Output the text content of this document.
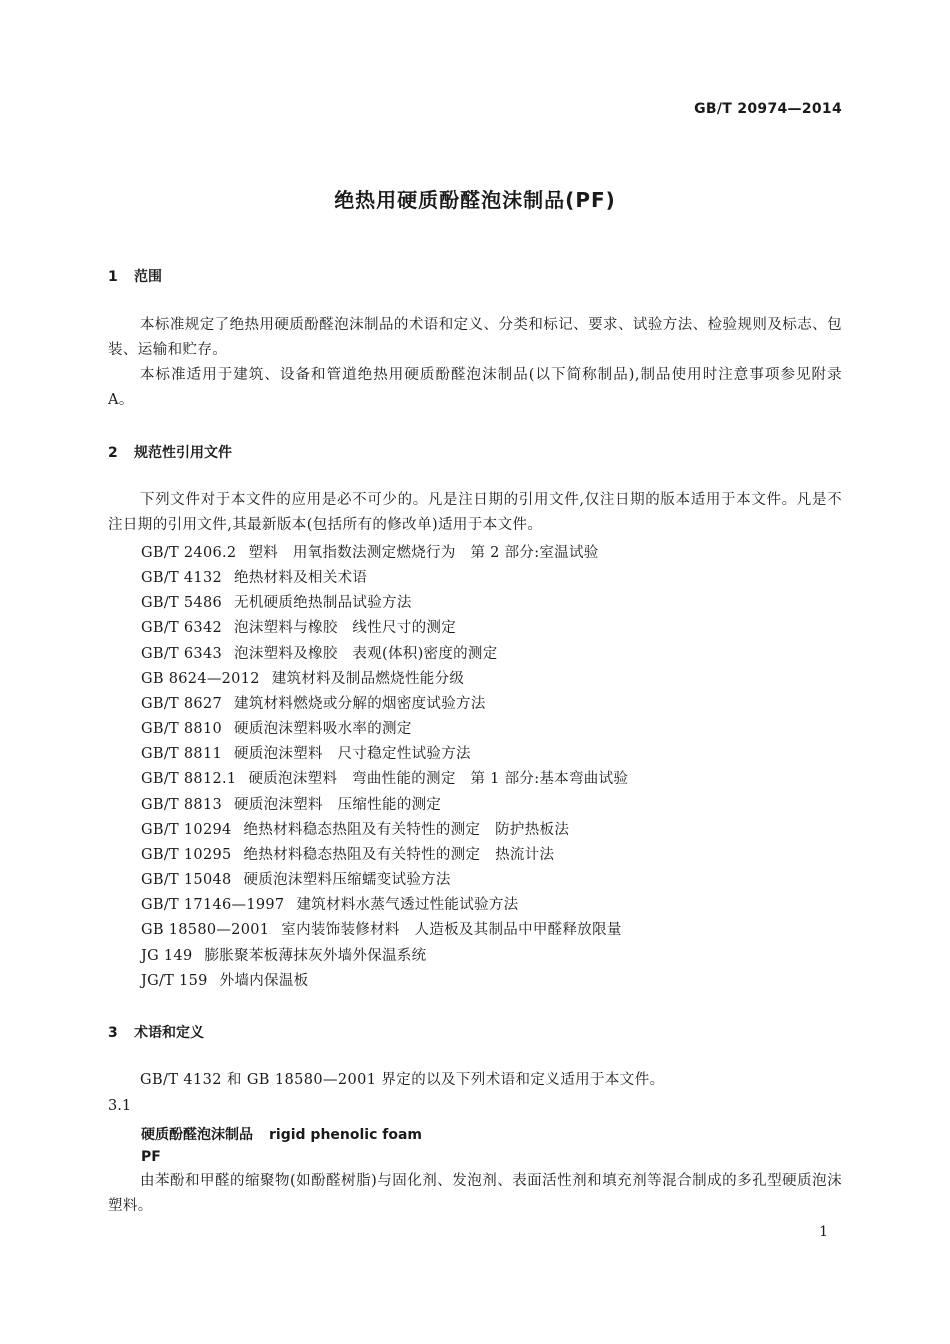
GB/T 20974—2014
绝热用硬质酚醛泡沫制品(PF)
1 范围
本标准规定了绝热用硬质酚醛泡沫制品的术语和定义、分类和标记、要求、试验方法、检验规则及标志、包装、运输和贮存。
本标准适用于建筑、设备和管道绝热用硬质酚醛泡沫制品(以下简称制品),制品使用时注意事项参见附录 A。
2 规范性引用文件
下列文件对于本文件的应用是必不可少的。凡是注日期的引用文件,仅注日期的版本适用于本文件。凡是不注日期的引用文件,其最新版本(包括所有的修改单)适用于本文件。
GB/T 2406.2 塑料　用氧指数法测定燃烧行为　第 2 部分:室温试验
GB/T 4132 绝热材料及相关术语
GB/T 5486 无机硬质绝热制品试验方法
GB/T 6342 泡沫塑料与橡胶　线性尺寸的测定
GB/T 6343 泡沫塑料及橡胶　表观(体积)密度的测定
GB 8624—2012 建筑材料及制品燃烧性能分级
GB/T 8627 建筑材料燃烧或分解的烟密度试验方法
GB/T 8810 硬质泡沫塑料吸水率的测定
GB/T 8811 硬质泡沫塑料　尺寸稳定性试验方法
GB/T 8812.1 硬质泡沫塑料　弯曲性能的测定　第 1 部分:基本弯曲试验
GB/T 8813 硬质泡沫塑料　压缩性能的测定
GB/T 10294 绝热材料稳态热阻及有关特性的测定　防护热板法
GB/T 10295 绝热材料稳态热阻及有关特性的测定　热流计法
GB/T 15048 硬质泡沫塑料压缩蠕变试验方法
GB/T 17146—1997 建筑材料水蒸气透过性能试验方法
GB 18580—2001 室内装饰装修材料　人造板及其制品中甲醛释放限量
JG 149 膨胀聚苯板薄抹灰外墙外保温系统
JG/T 159 外墙内保温板
3 术语和定义
GB/T 4132 和 GB 18580—2001 界定的以及下列术语和定义适用于本文件。
3.1
硬质酚醛泡沫制品 rigid phenolic foam
PF
由苯酚和甲醛的缩聚物(如酚醛树脂)与固化剂、发泡剂、表面活性剂和填充剂等混合制成的多孔型硬质泡沫塑料。
1
